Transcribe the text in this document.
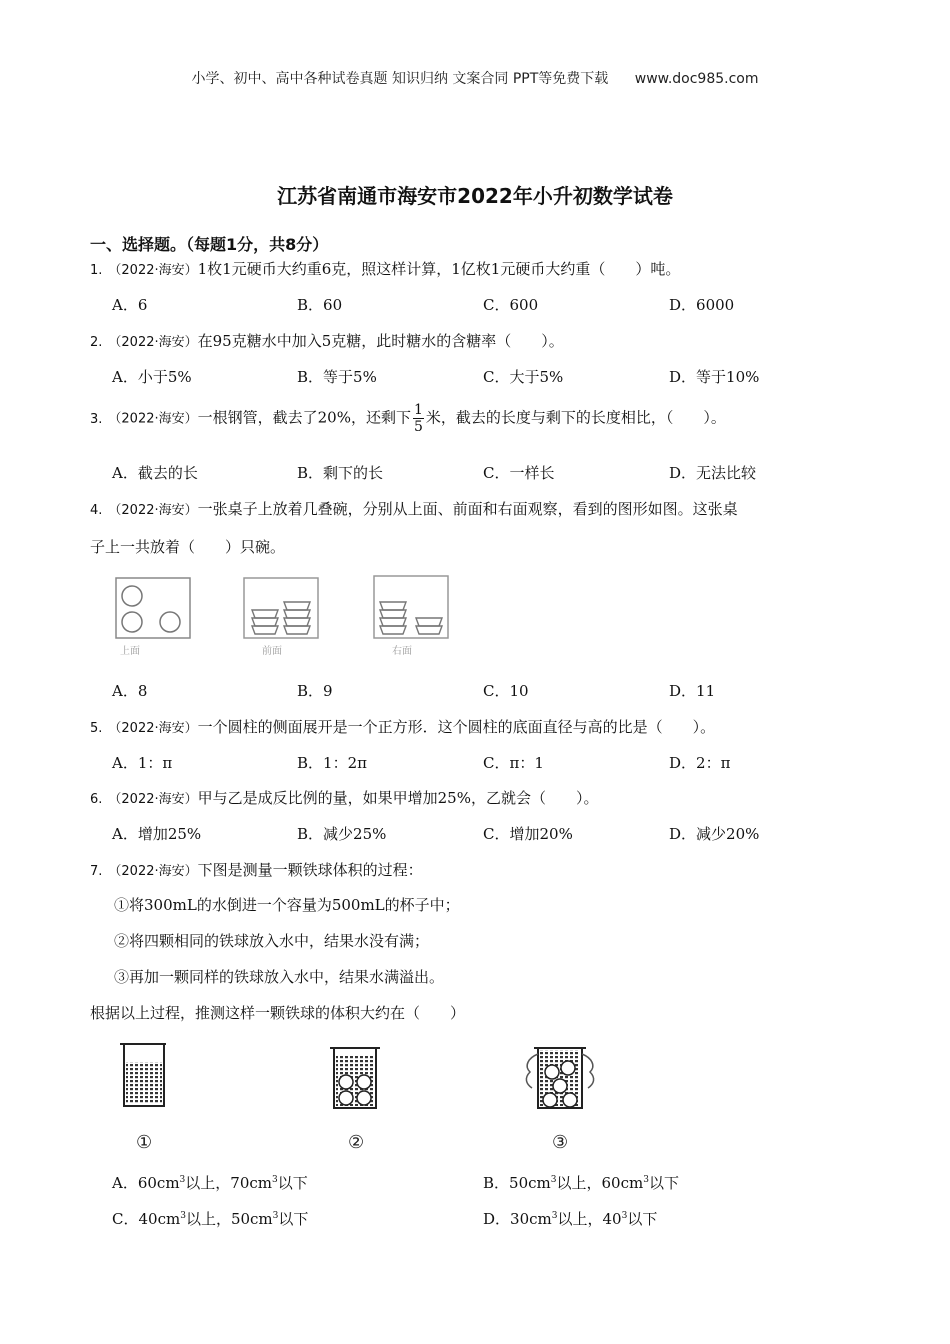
小学、初中、高中各种试卷真题 知识归纳 文案合同 PPT等免费下载 www.doc985.com
江苏省南通市海安市2022年小升初数学试卷
一、选择题。（每题1分，共8分）
1. （2022·海安）1枚1元硬币大约重6克，照这样计算，1亿枚1元硬币大约重（　　）吨。
A．6	B．60	C．600	D．6000
2. （2022·海安）在95克糖水中加入5克糖，此时糖水的含糖率（　　）。
A．小于5%	B．等于5%	C．大于5%	D．等于10%
3. （2022·海安）一根钢管，截去了20%，还剩下 $\frac{1}{5}$ 米，截去的长度与剩下的长度相比，（　　）。
A．截去的长	B．剩下的长	C．一样长	D．无法比较
4. （2022·海安）一张桌子上放着几叠碗，分别从上面、前面和右面观察，看到的图形如图。这张桌
子上一共放着（　　）只碗。
上面	前面	右面
A．8	B．9	C．10	D．11
5. （2022·海安）一个圆柱的侧面展开是一个正方形．这个圆柱的底面直径与高的比是（　　）。
A．1：π	B．1：2π	C．π：1	D．2：π
6. （2022·海安）甲与乙是成反比例的量，如果甲增加25%，乙就会（　　）。
A．增加25%	B．减少25%	C．增加20%	D．减少20%
7. （2022·海安）下图是测量一颗铁球体积的过程：
①将300mL的水倒进一个容量为500mL的杯子中；
②将四颗相同的铁球放入水中，结果水没有满；
③再加一颗同样的铁球放入水中，结果水满溢出。
根据以上过程，推测这样一颗铁球的体积大约在（　　）
①	②	③
A．$60cm^3$以上，$70cm^3$以下	B．$50cm^3$以上，$60cm^3$以下
C．$40cm^3$以上，$50cm^3$以下	D．$30cm^3$以上，$40^3$以下
